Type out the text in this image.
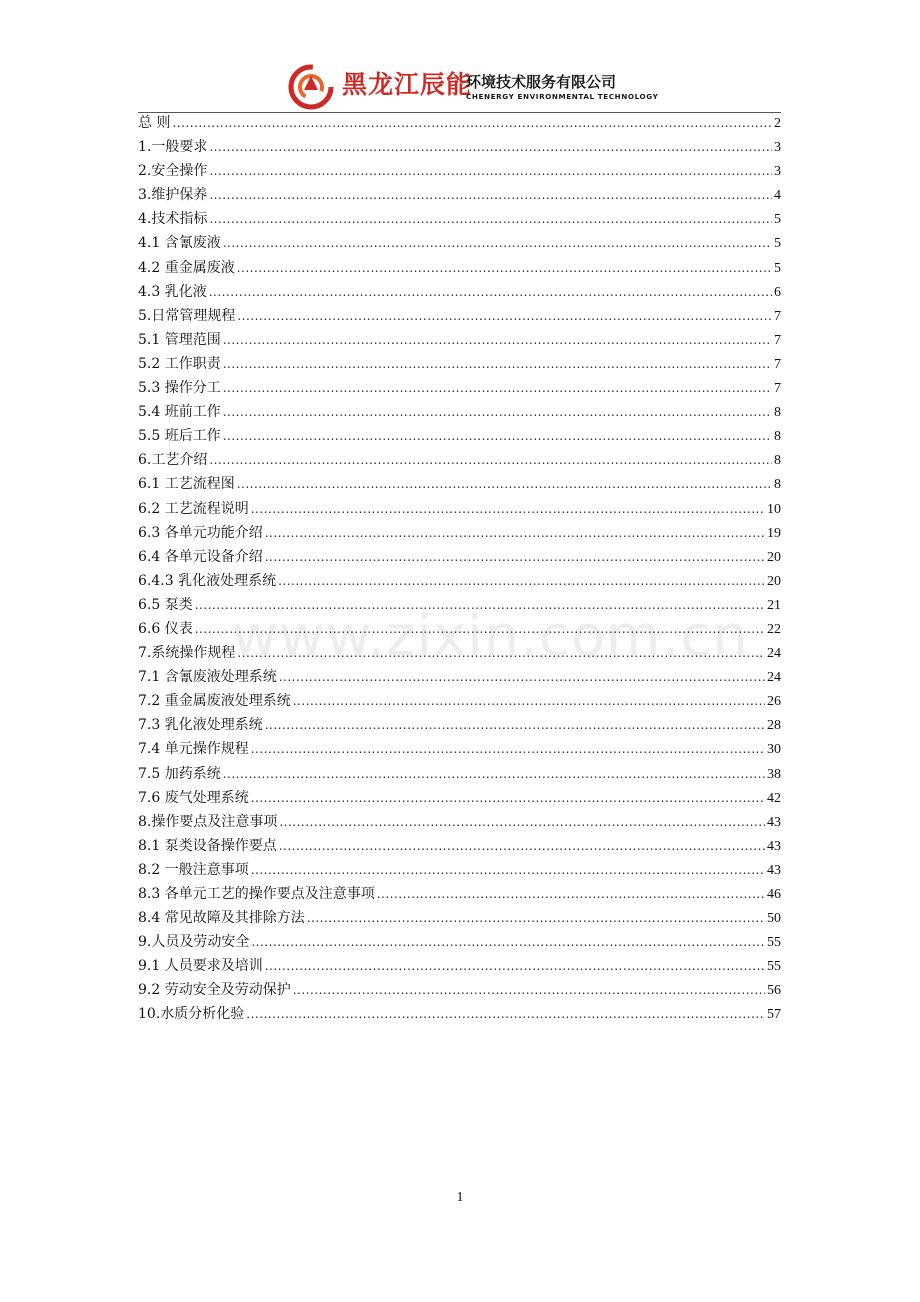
黑龙江辰能
环境技术服务有限公司
CHENERGY ENVIRONMENTAL TECHNOLOGY
www.zixin.com.cn
总 则 .....	2
1.一般要求 .....	3
2.安全操作 .....	3
3.维护保养 .....	4
4.技术指标 .....	5
4.1 含氰废液 .....	5
4.2 重金属废液 .....	5
4.3 乳化液 .....	6
5.日常管理规程 .....	7
5.1 管理范围 .....	7
5.2 工作职责 .....	7
5.3 操作分工 .....	7
5.4 班前工作 .....	8
5.5 班后工作 .....	8
6.工艺介绍 .....	8
6.1 工艺流程图 .....	8
6.2 工艺流程说明 .....	10
6.3 各单元功能介绍 .....	19
6.4 各单元设备介绍 .....	20
6.4.3 乳化液处理系统 .....	20
6.5 泵类 .....	21
6.6 仪表 .....	22
7.系统操作规程 .....	24
7.1 含氰废液处理系统 .....	24
7.2 重金属废液处理系统 .....	26
7.3 乳化液处理系统 .....	28
7.4 单元操作规程 .....	30
7.5 加药系统 .....	38
7.6 废气处理系统 .....	42
8.操作要点及注意事项 .....	43
8.1 泵类设备操作要点 .....	43
8.2 一般注意事项 .....	43
8.3 各单元工艺的操作要点及注意事项 .....	46
8.4 常见故障及其排除方法 .....	50
9.人员及劳动安全 .....	55
9.1 人员要求及培训 .....	55
9.2 劳动安全及劳动保护 .....	56
10.水质分析化验 .....	57
1
